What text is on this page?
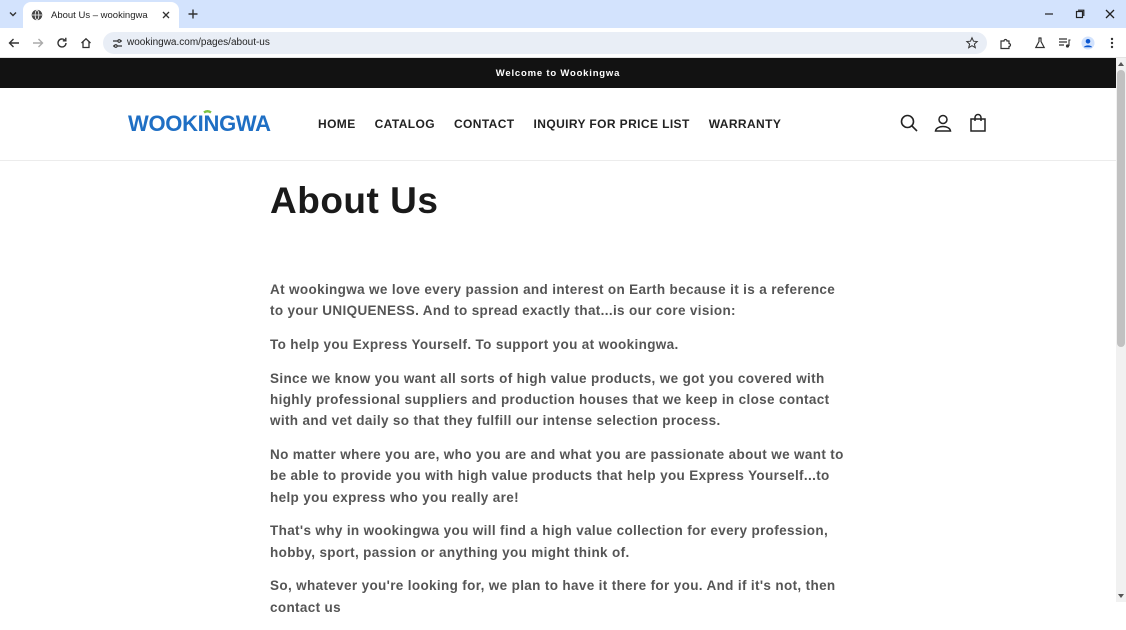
About Us – wookingwa
wookingwa.com/pages/about-us
Welcome to Wookingwa
WOOKINGWA	HOME CATALOG CONTACT INQUIRY FOR PRICE LIST WARRANTY
About Us

At wookingwa we love every passion and interest on Earth because it is a reference to your UNIQUENESS. And to spread exactly that...is our core vision:

To help you Express Yourself. To support you at wookingwa.

Since we know you want all sorts of high value products, we got you covered with highly professional suppliers and production houses that we keep in close contact with and vet daily so that they fulfill our intense selection process.

No matter where you are, who you are and what you are passionate about we want to be able to provide you with high value products that help you Express Yourself...to help you express who you really are!

That's why in wookingwa you will find a high value collection for every profession, hobby, sport, passion or anything you might think of.

So, whatever you're looking for, we plan to have it there for you. And if it's not, then contact us
